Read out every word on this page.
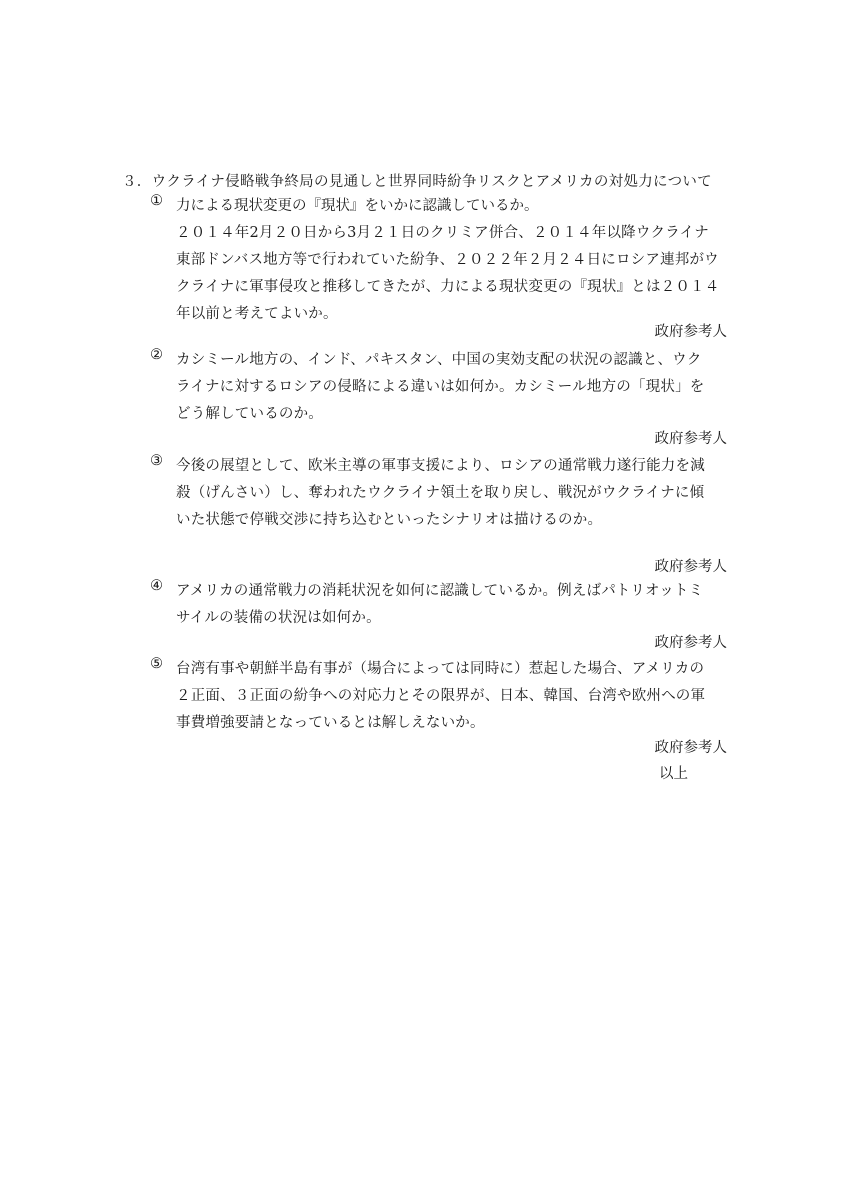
３．ウクライナ侵略戦争終局の見通しと世界同時紛争リスクとアメリカの対処力について
① 力による現状変更の『現状』をいかに認識しているか。
２０１４年2月２０日から3月２１日のクリミア併合、２０１４年以降ウクライナ
東部ドンバス地方等で行われていた紛争、２０２２年２月２４日にロシア連邦がウ
クライナに軍事侵攻と推移してきたが、力による現状変更の『現状』とは２０１４
年以前と考えてよいか。
政府参考人
② カシミール地方の、インド、パキスタン、中国の実効支配の状況の認識と、ウク
ライナに対するロシアの侵略による違いは如何か。カシミール地方の「現状」を
どう解しているのか。
政府参考人
③ 今後の展望として、欧米主導の軍事支援により、ロシアの通常戦力遂行能力を減
殺（げんさい）し、奪われたウクライナ領土を取り戻し、戦況がウクライナに傾
いた状態で停戦交渉に持ち込むといったシナリオは描けるのか。
政府参考人
④ アメリカの通常戦力の消耗状況を如何に認識しているか。例えばパトリオットミ
サイルの装備の状況は如何か。
政府参考人
⑤ 台湾有事や朝鮮半島有事が（場合によっては同時に）惹起した場合、アメリカの
２正面、３正面の紛争への対応力とその限界が、日本、韓国、台湾や欧州への軍
事費増強要請となっているとは解しえないか。
政府参考人
以上
